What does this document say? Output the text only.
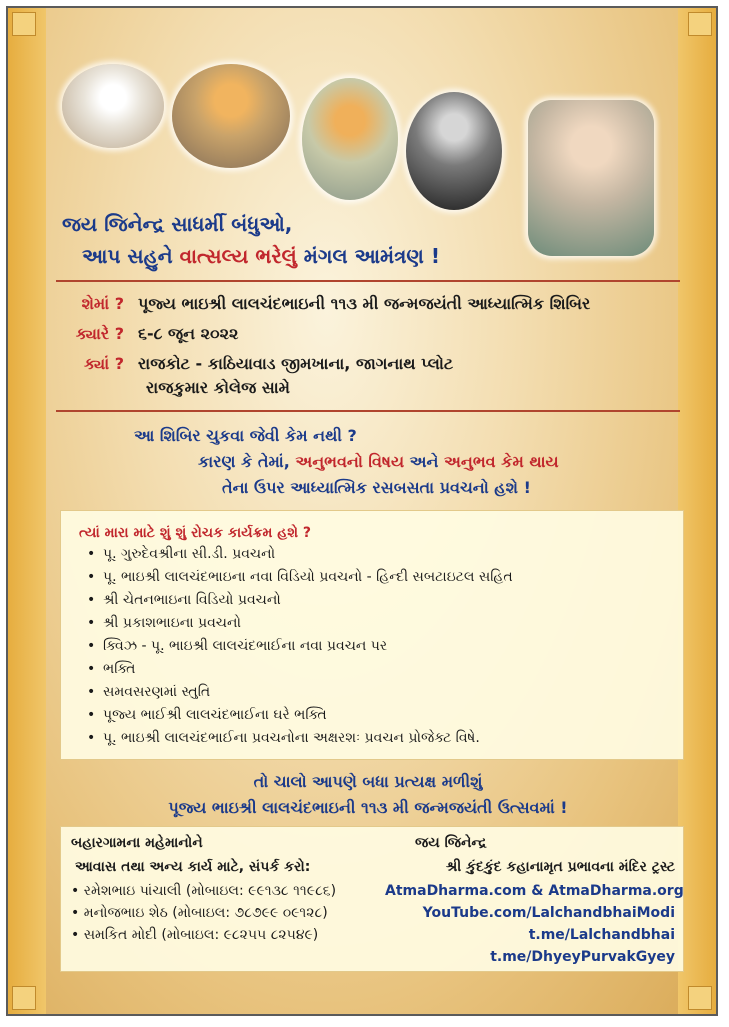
જય જિનેન્દ્ર સાધર્મી બંધુઓ,
આપ સહુને વાત્સલ્ય ભરેલું મંગલ આમંત્રણ !
શેમાં ? પૂજ્ય ભાઇશ્રી લાલચંદભાઇની ૧૧૩ મી જન્મજયંતી આધ્યાત્મિક શિબિર
ક્યારે ? ૬-૮ જૂન ૨૦૨૨
ક્યાં ? રાજકોટ - કાઠિયાવાડ જીમખાના, જાગનાથ પ્લોટ
રાજકુમાર કોલેજ સામે
આ શિબિર ચુકવા જેવી કેમ નથી ?
કારણ કે તેમાં, અનુભવનો વિષય અને અનુભવ કેમ થાય
તેના ઉપર આધ્યાત્મિક રસબસતા પ્રવચનો હશે !
ત્યાં મારા માટે શું શું રોચક કાર્યક્રમ હશે ?
• પૂ. ગુરુદેવશ્રીના સી.ડી. પ્રવચનો
• પૂ. ભાઇશ્રી લાલચંદભાઇના નવા વિડિયો પ્રવચનો - હિન્દી સબટાઇટલ સહિત
• શ્રી ચેતનભાઇના વિડિયો પ્રવચનો
• શ્રી પ્રકાશભાઇના પ્રવચનો
• ક્વિઝ - પૂ. ભાઇશ્રી લાલચંદભાઈના નવા પ્રવચન પર
• ભક્તિ
• સમવસરણમાં સ્તુતિ
• પૂજ્ય ભાઈશ્રી લાલચંદભાઈના ઘરે ભક્તિ
• પૂ. ભાઇશ્રી લાલચંદભાઈના પ્રવચનોના અક્ષરશઃ પ્રવચન પ્રોજેક્ટ વિષે.
તો ચાલો આપણે બધા પ્રત્યક્ષ મળીશું
પૂજ્ય ભાઇશ્રી લાલચંદભાઇની ૧૧૩ મી જન્મજયંતી ઉત્સવમાં !
બહારગામના મહેમાનોને
આવાસ તથા અન્ય કાર્ય માટે, સંપર્ક કરો:
• રમેશભાઇ પાંચાલી (મોબાઇલ: ૯૯૧૩૮ ૧૧૯૮૬)
• મનોજભાઇ શેઠ (મોબાઇલ: ૭૮૭૯૯ ૦૯૧૨૮)
• સમકિત મોદી (મોબાઇલ: ૯૮૨૫૫ ૮૨૫૪૯)
જય જિનેન્દ્ર
શ્રી કુંદકુંદ કહાનામૃત પ્રભાવના મંદિર ટ્રસ્ટ
AtmaDharma.com & AtmaDharma.org
YouTube.com/LalchandbhaiModi
t.me/Lalchandbhai
t.me/DhyeyPurvakGyey
